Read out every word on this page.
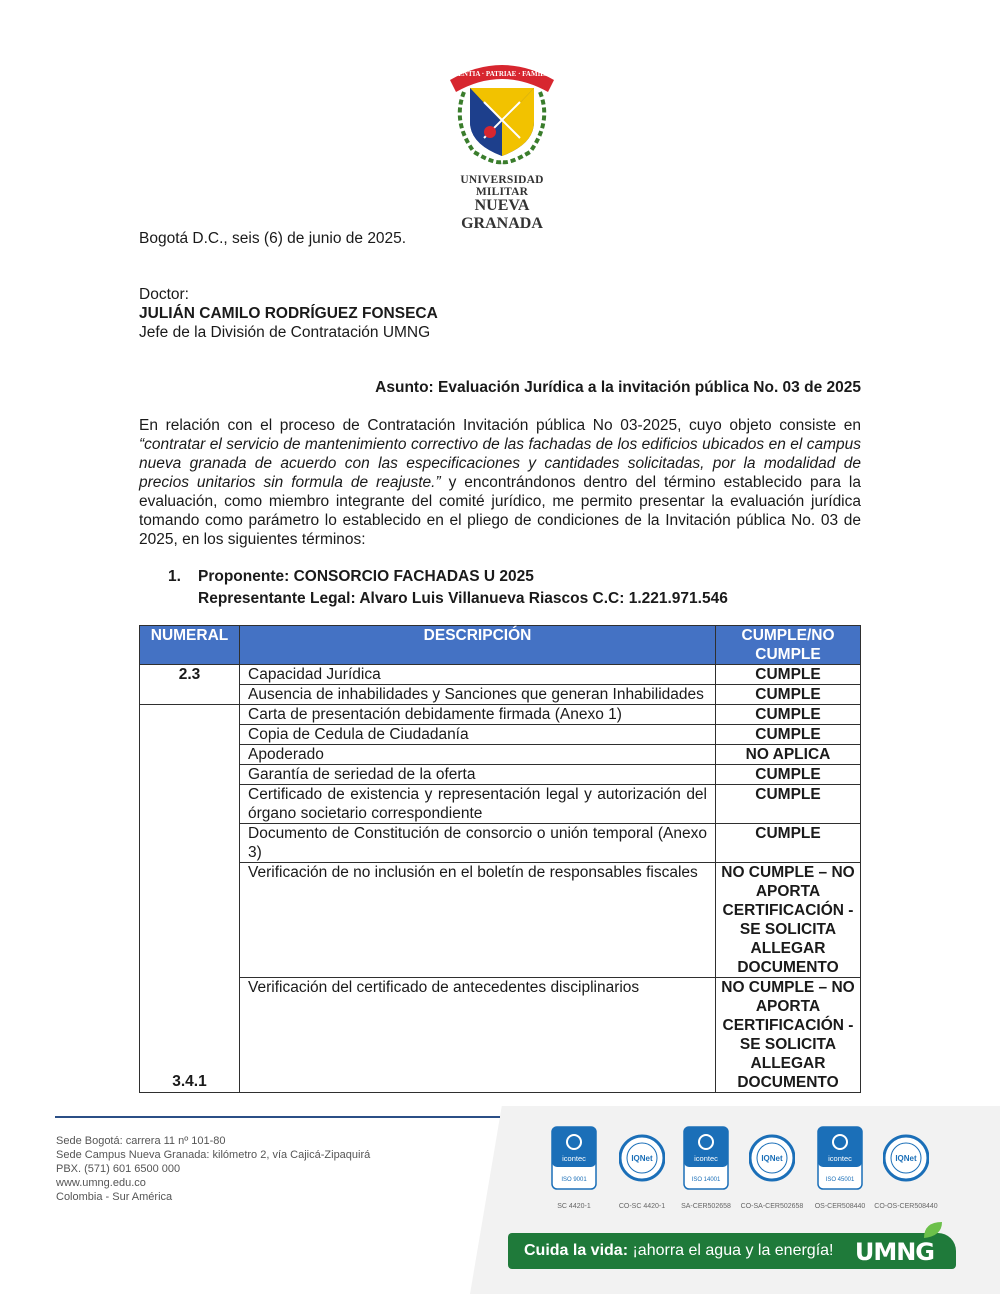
SCIENTIA · PATRIAE · FAMILIAE
UNIVERSIDAD MILITAR
NUEVA GRANADA
Bogotá D.C., seis (6) de junio de 2025.
Doctor:
JULIÁN CAMILO RODRÍGUEZ FONSECA
Jefe de la División de Contratación UMNG
Asunto: Evaluación Jurídica a la invitación pública No. 03 de 2025
En relación con el proceso de Contratación Invitación pública No 03-2025, cuyo objeto consiste en “contratar el servicio de mantenimiento correctivo de las fachadas de los edificios ubicados en el campus nueva granada de acuerdo con las especificaciones y cantidades solicitadas, por la modalidad de precios unitarios sin formula de reajuste.” y encontrándonos dentro del término establecido para la evaluación, como miembro integrante del comité jurídico, me permito presentar la evaluación jurídica tomando como parámetro lo establecido en el pliego de condiciones de la Invitación pública No. 03 de 2025, en los siguientes términos:
1. Proponente: CONSORCIO FACHADAS U 2025
Representante Legal: Alvaro Luis Villanueva Riascos C.C: 1.221.971.546
NUMERAL	DESCRIPCIÓN	CUMPLE/NO CUMPLE
2.3	Capacidad Jurídica	CUMPLE
	Ausencia de inhabilidades y Sanciones que generan Inhabilidades	CUMPLE
3.4.1	Carta de presentación debidamente firmada (Anexo 1)	CUMPLE
	Copia de Cedula de Ciudadanía	CUMPLE
	Apoderado	NO APLICA
	Garantía de seriedad de la oferta	CUMPLE
	Certificado de existencia y representación legal y autorización del órgano societario correspondiente	CUMPLE
	Documento de Constitución de consorcio o unión temporal (Anexo 3)	CUMPLE
	Verificación de no inclusión en el boletín de responsables fiscales	NO CUMPLE – NO APORTA CERTIFICACIÓN - SE SOLICITA ALLEGAR DOCUMENTO
	Verificación del certificado de antecedentes disciplinarios	NO CUMPLE – NO APORTA CERTIFICACIÓN - SE SOLICITA ALLEGAR DOCUMENTO
Sede Bogotá: carrera 11 nº 101-80
Sede Campus Nueva Granada: kilómetro 2, vía Cajicá-Zipaquirá
PBX. (571) 601 6500 000
www.umng.edu.co
Colombia - Sur América
icontec
ISO 9001
SC 4420-1
IQNet
CO-SC 4420-1
icontec
ISO 14001
SA-CER502658
IQNet
CO-SA-CER502658
icontec
ISO 45001
OS-CER508440
IQNet
CO-OS-CER508440
Cuida la vida: ¡ahorra el agua y la energía! UMNG
